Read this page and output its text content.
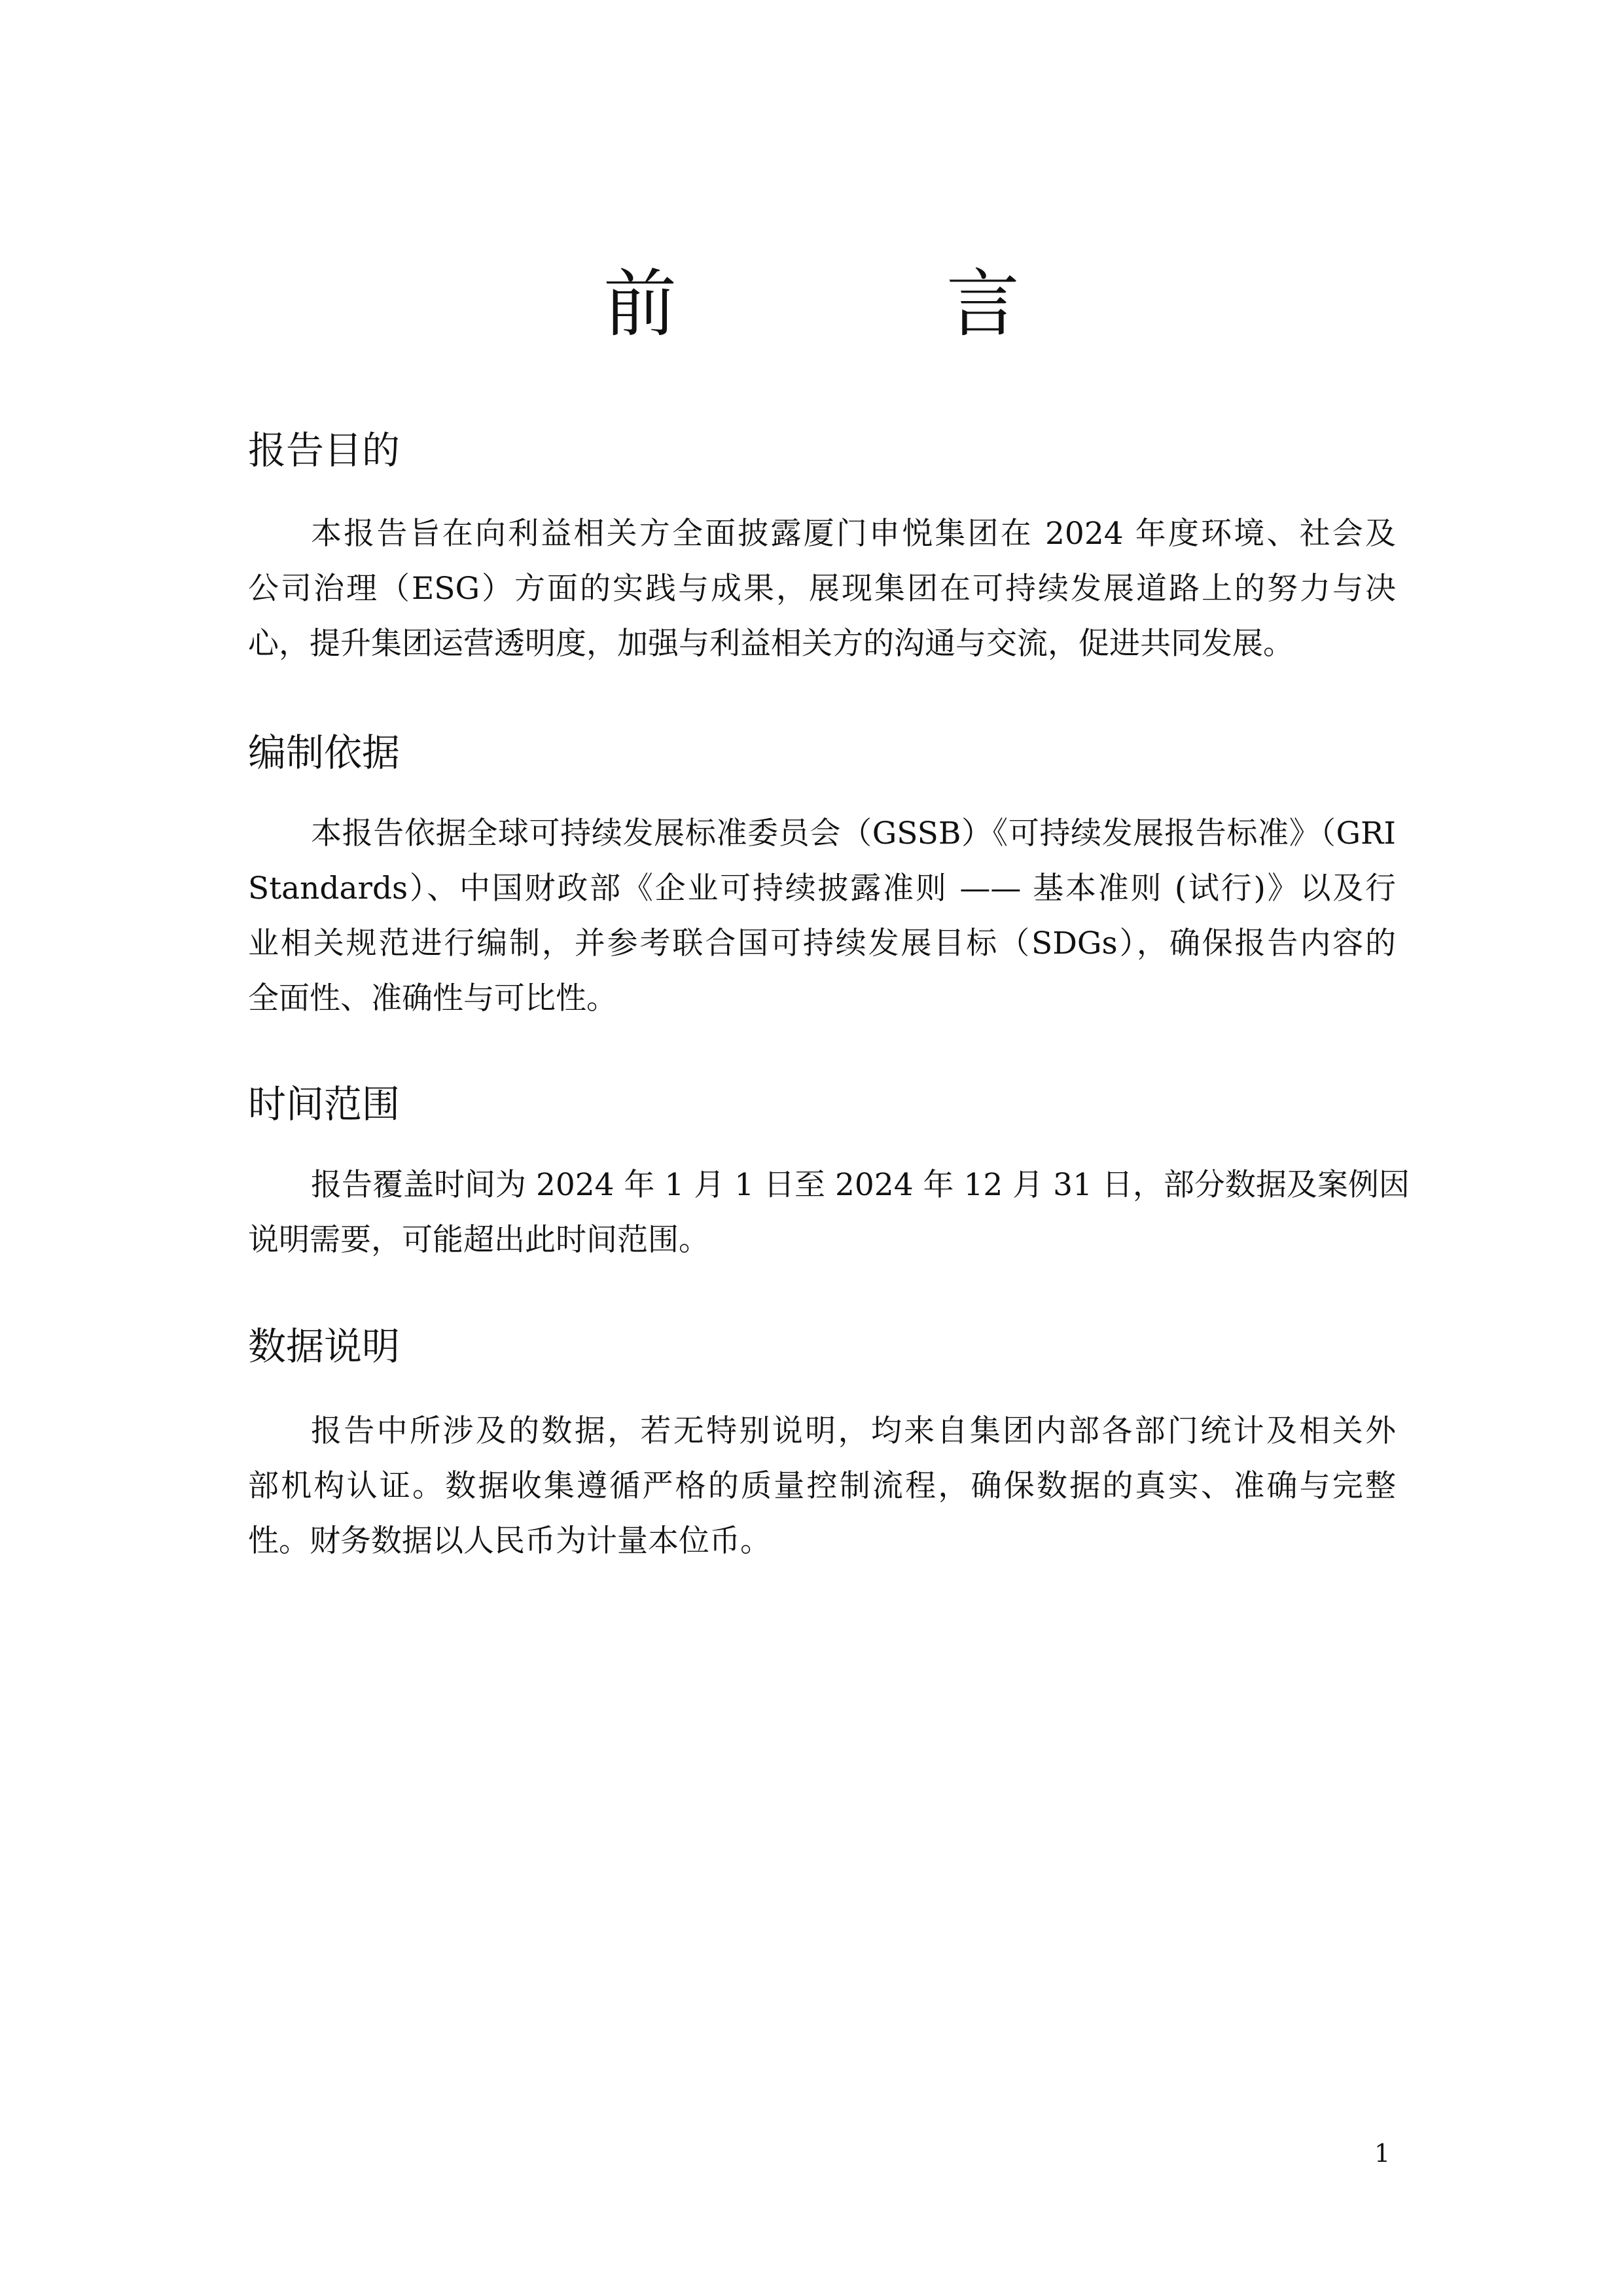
前　言
报告目的
本报告旨在向利益相关方全面披露厦门申悦集团在 2024 年度环境、社会及
公司治理（ESG）方面的实践与成果，展现集团在可持续发展道路上的努力与决
心，提升集团运营透明度，加强与利益相关方的沟通与交流，促进共同发展。
编制依据
本报告依据全球可持续发展标准委员会（GSSB）《可持续发展报告标准》（GRI
Standards）、中国财政部《企业可持续披露准则 —— 基本准则 (试行)》以及行
业相关规范进行编制，并参考联合国可持续发展目标（SDGs），确保报告内容的
全面性、准确性与可比性。
时间范围
报告覆盖时间为 2024 年 1 月 1 日至 2024 年 12 月 31 日，部分数据及案例因
说明需要，可能超出此时间范围。
数据说明
报告中所涉及的数据，若无特别说明，均来自集团内部各部门统计及相关外
部机构认证。数据收集遵循严格的质量控制流程，确保数据的真实、准确与完整
性。财务数据以人民币为计量本位币。
1
